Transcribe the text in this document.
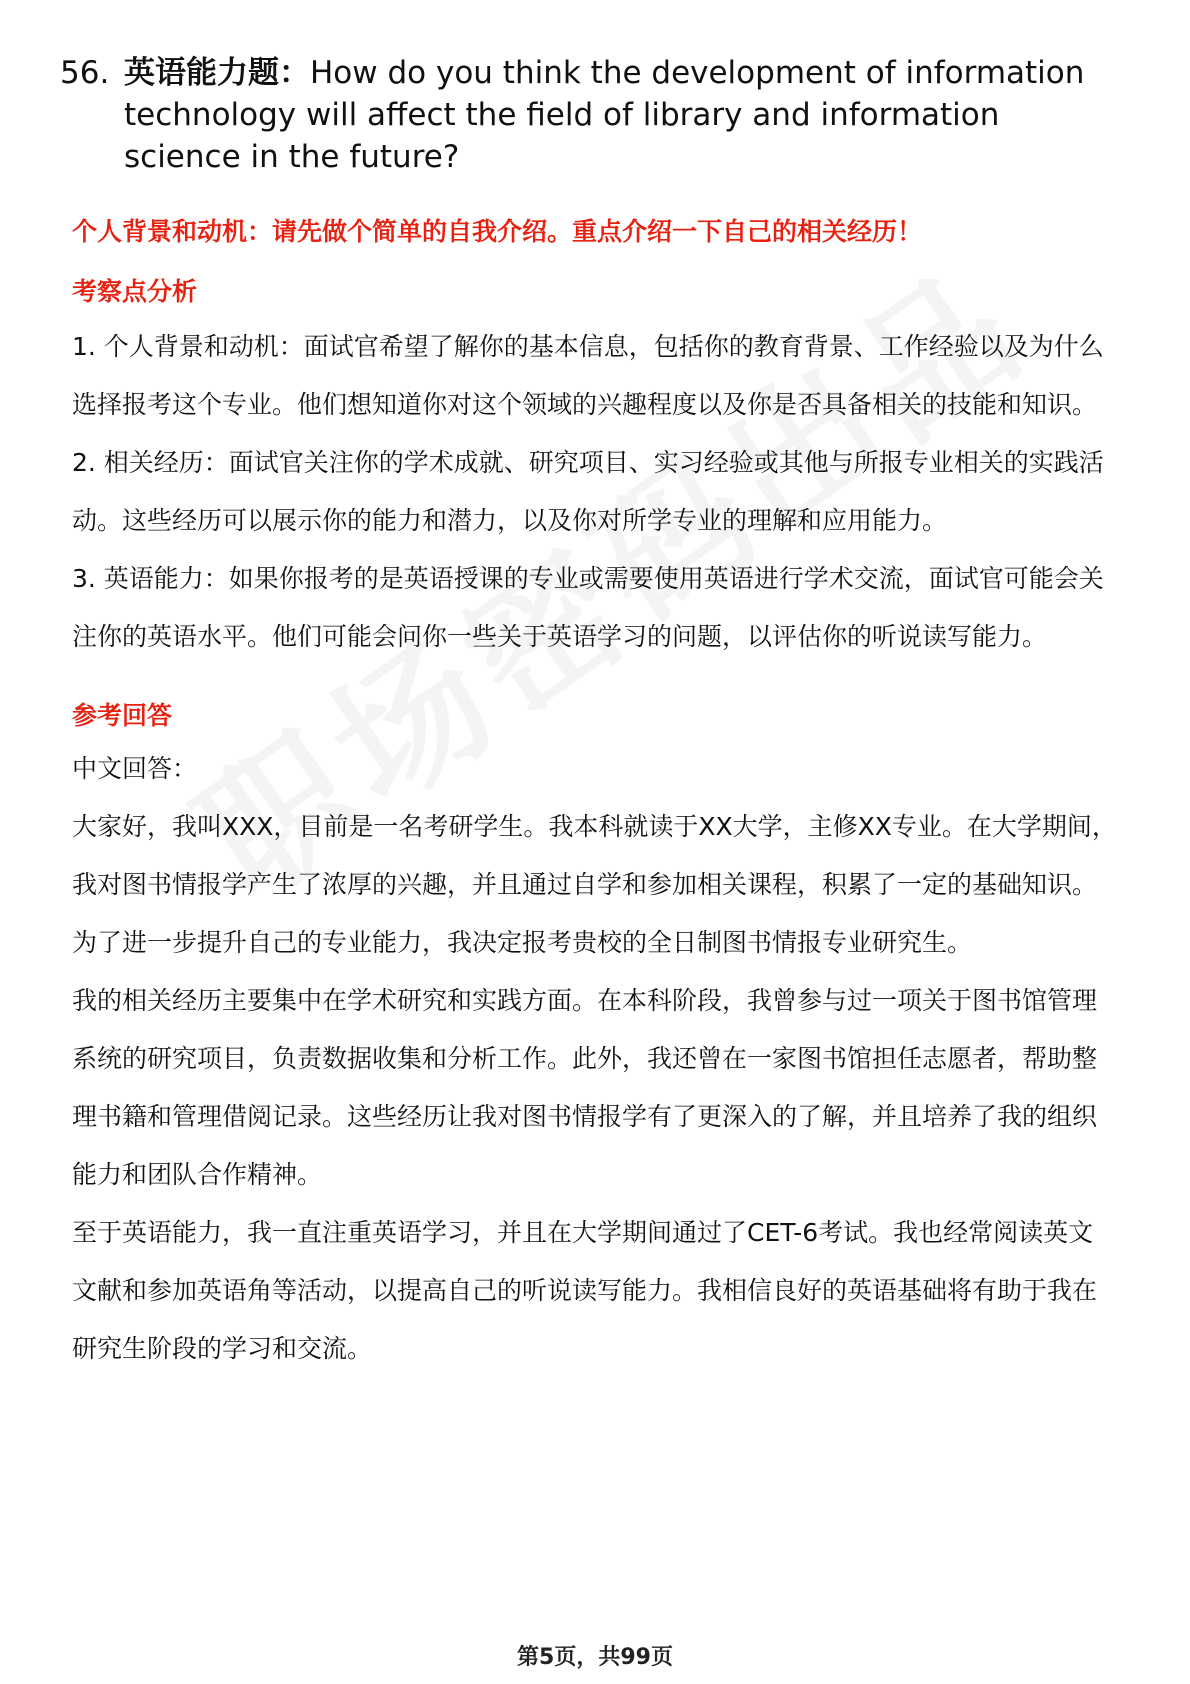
56. 英语能力题：How do you think the development of information technology will affect the field of library and information science in the future?

个人背景和动机：请先做个简单的自我介绍。重点介绍一下自己的相关经历！

考察点分析

1. 个人背景和动机：面试官希望了解你的基本信息，包括你的教育背景、工作经验以及为什么选择报考这个专业。他们想知道你对这个领域的兴趣程度以及你是否具备相关的技能和知识。

2. 相关经历：面试官关注你的学术成就、研究项目、实习经验或其他与所报专业相关的实践活动。这些经历可以展示你的能力和潜力，以及你对所学专业的理解和应用能力。

3. 英语能力：如果你报考的是英语授课的专业或需要使用英语进行学术交流，面试官可能会关注你的英语水平。他们可能会问你一些关于英语学习的问题，以评估你的听说读写能力。

参考回答

中文回答：

大家好，我叫XXX，目前是一名考研学生。我本科就读于XX大学，主修XX专业。在大学期间，我对图书情报学产生了浓厚的兴趣，并且通过自学和参加相关课程，积累了一定的基础知识。为了进一步提升自己的专业能力，我决定报考贵校的全日制图书情报专业研究生。

我的相关经历主要集中在学术研究和实践方面。在本科阶段，我曾参与过一项关于图书馆管理系统的研究项目，负责数据收集和分析工作。此外，我还曾在一家图书馆担任志愿者，帮助整理书籍和管理借阅记录。这些经历让我对图书情报学有了更深入的了解，并且培养了我的组织能力和团队合作精神。

至于英语能力，我一直注重英语学习，并且在大学期间通过了CET-6考试。我也经常阅读英文文献和参加英语角等活动，以提高自己的听说读写能力。我相信良好的英语基础将有助于我在研究生阶段的学习和交流。

第5页，共99页
